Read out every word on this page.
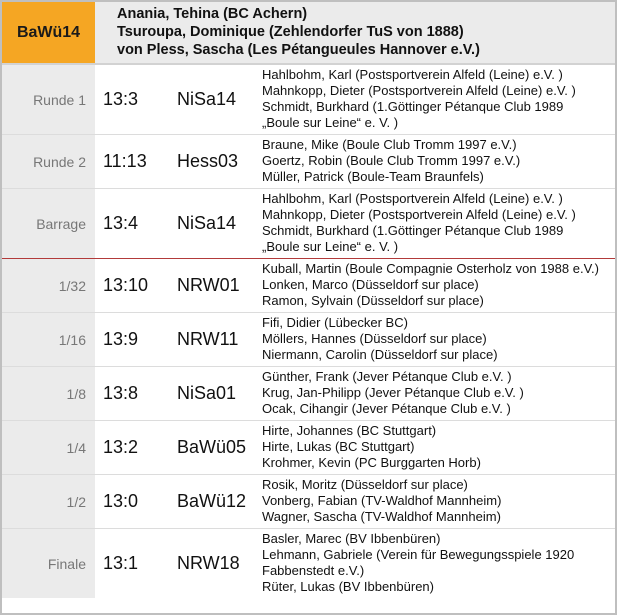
BaWü14
Anania, Tehina (BC Achern)
Tsuroupa, Dominique (Zehlendorfer TuS von 1888)
von Pless, Sascha (Les Pétangueules Hannover e.V.)
Runde 1 13:3 NiSa14
Hahlbohm, Karl (Postsportverein Alfeld (Leine) e.V. )
Mahnkopp, Dieter (Postsportverein Alfeld (Leine) e.V. )
Schmidt, Burkhard (1.Göttinger Pétanque Club 1989 „Boule sur Leine“ e. V. )
Runde 2 11:13 Hess03
Braune, Mike (Boule Club Tromm 1997 e.V.)
Goertz, Robin (Boule Club Tromm 1997 e.V.)
Müller, Patrick (Boule-Team Braunfels)
Barrage 13:4 NiSa14
Hahlbohm, Karl (Postsportverein Alfeld (Leine) e.V. )
Mahnkopp, Dieter (Postsportverein Alfeld (Leine) e.V. )
Schmidt, Burkhard (1.Göttinger Pétanque Club 1989 „Boule sur Leine“ e. V. )
1/32 13:10 NRW01
Kuball, Martin (Boule Compagnie Osterholz von 1988 e.V.)
Lonken, Marco (Düsseldorf sur place)
Ramon, Sylvain (Düsseldorf sur place)
1/16 13:9 NRW11
Fifi, Didier (Lübecker BC)
Möllers, Hannes (Düsseldorf sur place)
Niermann, Carolin (Düsseldorf sur place)
1/8 13:8 NiSa01
Günther, Frank (Jever Pétanque Club e.V. )
Krug, Jan-Philipp (Jever Pétanque Club e.V. )
Ocak, Cihangir (Jever Pétanque Club e.V. )
1/4 13:2 BaWü05
Hirte, Johannes (BC Stuttgart)
Hirte, Lukas (BC Stuttgart)
Krohmer, Kevin (PC Burggarten Horb)
1/2 13:0 BaWü12
Rosik, Moritz (Düsseldorf sur place)
Vonberg, Fabian (TV-Waldhof Mannheim)
Wagner, Sascha (TV-Waldhof Mannheim)
Finale 13:1 NRW18
Basler, Marec (BV Ibbenbüren)
Lehmann, Gabriele (Verein für Bewegungsspiele 1920 Fabbenstedt e.V.)
Rüter, Lukas (BV Ibbenbüren)
